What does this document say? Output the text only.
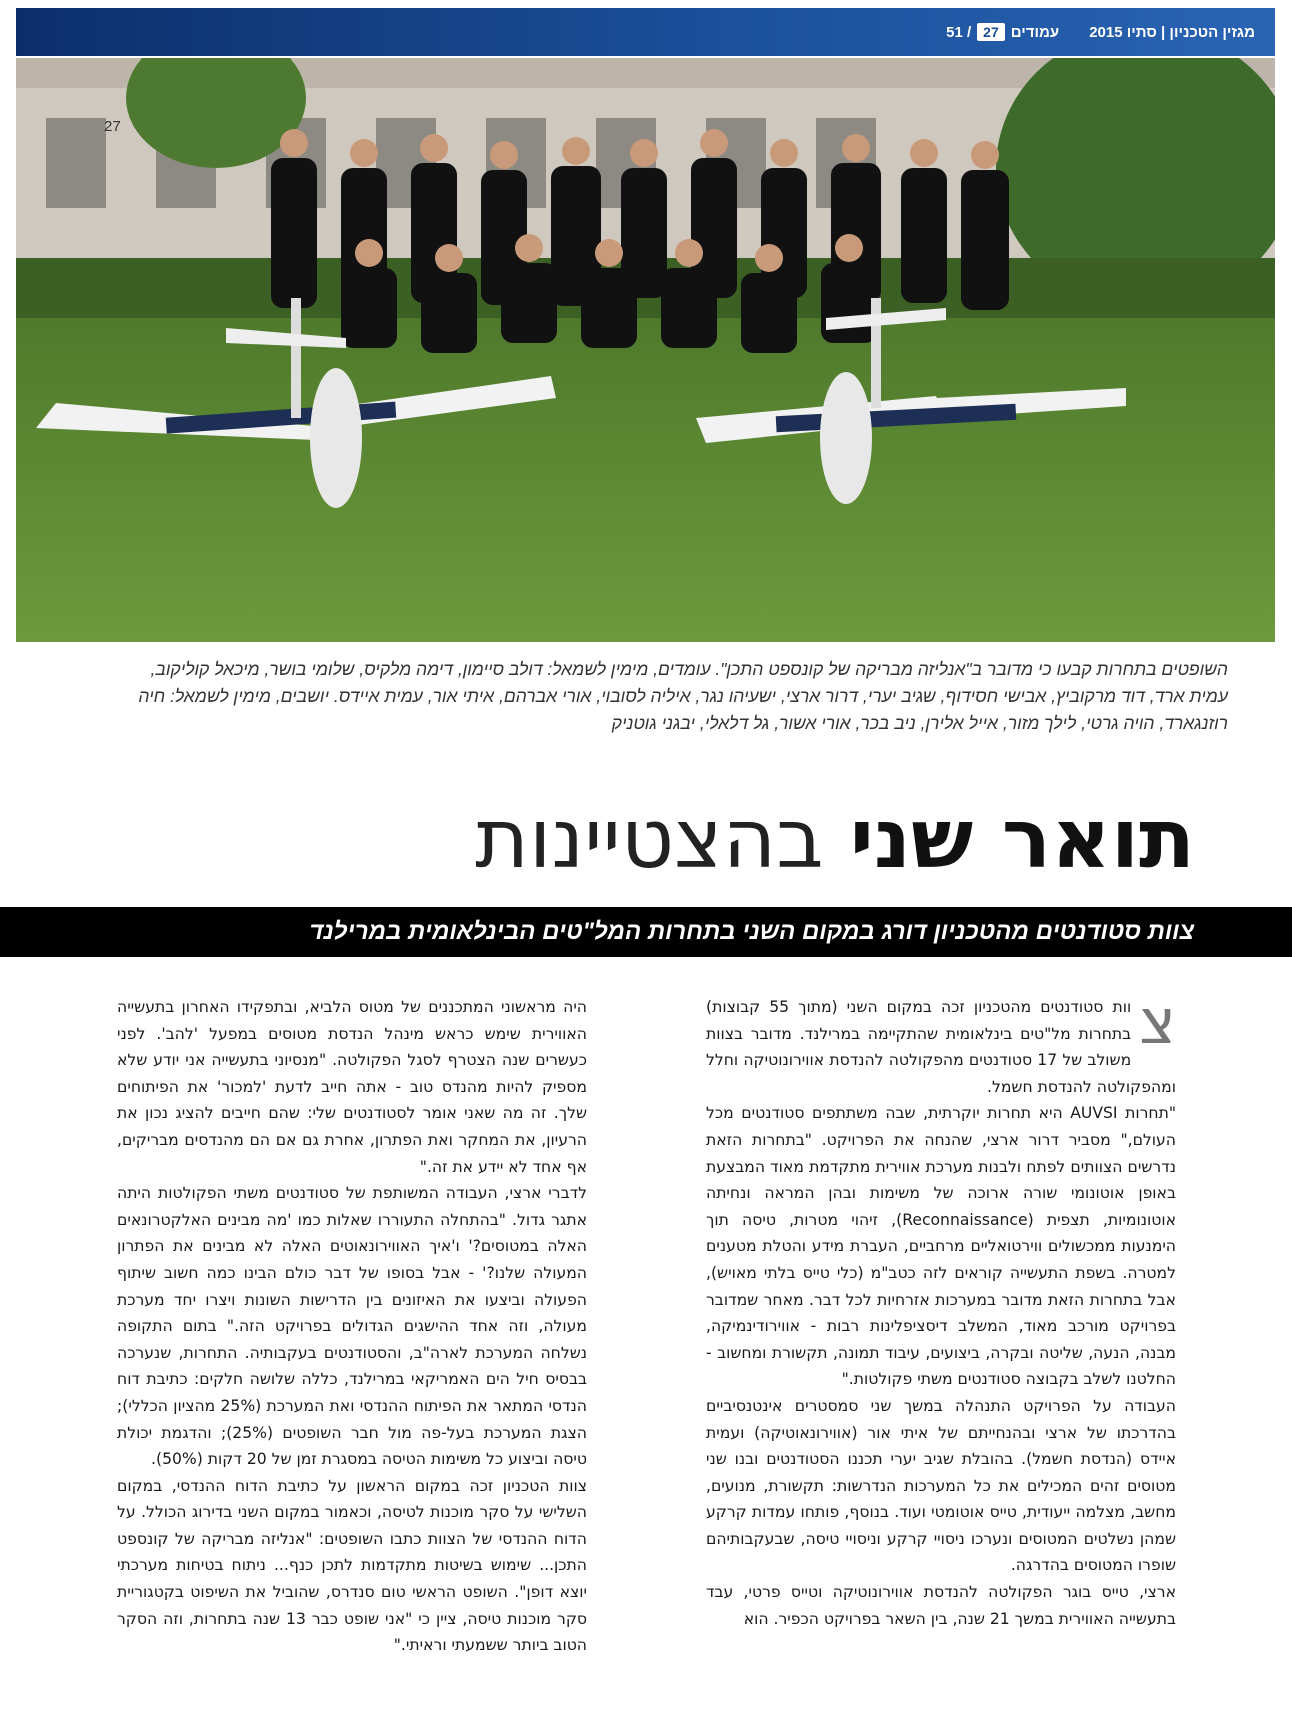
מגזין הטכניון | סתיו 2015
עמודים
27
/ 51
27
השופטים בתחרות קבעו כי מדובר ב"אנליזה מבריקה של קונספט התכן". עומדים, מימין לשמאל: דולב סיימון, דימה מלקיס, שלומי בושר, מיכאל קוליקוב, עמית ארד, דוד מרקוביץ, אבישי חסידוף, שגיב יערי, דרור ארצי, ישעיהו נגר, איליה לסובוי, אורי אברהם, איתי אור, עמית איידס. יושבים, מימין לשמאל: חיה רוזנגארד, הויה גרטי, לילך מזור, אייל אלירן, ניב בכר, אורי אשור, גל דלאלי, יבגני גוטניק
תואר שני בהצטיינות
צוות סטודנטים מהטכניון דורג במקום השני בתחרות המל"טים הבינלאומית במרילנד

צ
וות סטודנטים מהטכניון זכה במקום השני (מתוך 55 קבוצות) בתחרות מל"טים בינלאומית שהתקיימה במרילנד. מדובר בצוות משולב של 17 סטודנטים מהפקולטה להנדסת אווירונוטיקה וחלל ומהפקולטה להנדסת חשמל.

"תחרות AUVSI היא תחרות יוקרתית, שבה משתתפים סטודנטים מכל העולם," מסביר דרור ארצי, שהנחה את הפרויקט. "בתחרות הזאת נדרשים הצוותים לפתח ולבנות מערכת אווירית מתקדמת מאוד המבצעת באופן אוטונומי שורה ארוכה של משימות ובהן המראה ונחיתה אוטונומיות, תצפית (Reconnaissance), זיהוי מטרות, טיסה תוך הימנעות ממכשולים ווירטואליים מרחביים, העברת מידע והטלת מטענים למטרה. בשפת התעשייה קוראים לזה כטב"מ (כלי טייס בלתי מאויש), אבל בתחרות הזאת מדובר במערכות אזרחיות לכל דבר. מאחר שמדובר בפרויקט מורכב מאוד, המשלב דיסציפלינות רבות - אווירודינמיקה, מבנה, הנעה, שליטה ובקרה, ביצועים, עיבוד תמונה, תקשורת ומחשוב - החלטנו לשלב בקבוצה סטודנטים משתי פקולטות."

העבודה על הפרויקט התנהלה במשך שני סמסטרים אינטנסיביים בהדרכתו של ארצי ובהנחייתם של איתי אור (אווירונאוטיקה) ועמית איידס (הנדסת חשמל). בהובלת שגיב יערי תכננו הסטודנטים ובנו שני מטוסים זהים המכילים את כל המערכות הנדרשות: תקשורת, מנועים, מחשב, מצלמה ייעודית, טייס אוטומטי ועוד. בנוסף, פותחו עמדות קרקע שמהן נשלטים המטוסים ונערכו ניסויי קרקע וניסויי טיסה, שבעקבותיהם שופרו המטוסים בהדרגה.

ארצי, טייס בוגר הפקולטה להנדסת אווירונוטיקה וטייס פרטי, עבד בתעשייה האווירית במשך 21 שנה, בין השאר בפרויקט הכפיר. הוא

היה מראשוני המתכננים של מטוס הלביא, ובתפקידו האחרון בתעשייה האווירית שימש כראש מינהל הנדסת מטוסים במפעל 'להב'. לפני כעשרים שנה הצטרף לסגל הפקולטה. "מנסיוני בתעשייה אני יודע שלא מספיק להיות מהנדס טוב - אתה חייב לדעת 'למכור' את הפיתוחים שלך. זה מה שאני אומר לסטודנטים שלי: שהם חייבים להציג נכון את הרעיון, את המחקר ואת הפתרון, אחרת גם אם הם מהנדסים מבריקים, אף אחד לא יידע את זה."

לדברי ארצי, העבודה המשותפת של סטודנטים משתי הפקולטות היתה אתגר גדול. "בהתחלה התעוררו שאלות כמו 'מה מבינים האלקטרונאים האלה במטוסים?' ו'איך האווירונאוטים האלה לא מבינים את הפתרון המעולה שלנו?' - אבל בסופו של דבר כולם הבינו כמה חשוב שיתוף הפעולה וביצעו את האיזונים בין הדרישות השונות ויצרו יחד מערכת מעולה, וזה אחד ההישגים הגדולים בפרויקט הזה." בתום התקופה נשלחה המערכת לארה"ב, והסטודנטים בעקבותיה. התחרות, שנערכה בבסיס חיל הים האמריקאי במרילנד, כללה שלושה חלקים: כתיבת דוח הנדסי המתאר את הפיתוח ההנדסי ואת המערכת (25% מהציון הכללי); הצגת המערכת בעל-פה מול חבר השופטים (25%); והדגמת יכולת טיסה וביצוע כל משימות הטיסה במסגרת זמן של 20 דקות (50%).

צוות הטכניון זכה במקום הראשון על כתיבת הדוח ההנדסי, במקום השלישי על סקר מוכנות לטיסה, וכאמור במקום השני בדירוג הכולל. על הדוח ההנדסי של הצוות כתבו השופטים: "אנליזה מבריקה של קונספט התכן... שימוש בשיטות מתקדמות לתכן כנף... ניתוח בטיחות מערכתי יוצא דופן". השופט הראשי טום סנדרס, שהוביל את השיפוט בקטגוריית סקר מוכנות טיסה, ציין כי "אני שופט כבר 13 שנה בתחרות, וזה הסקר הטוב ביותר ששמעתי וראיתי."
